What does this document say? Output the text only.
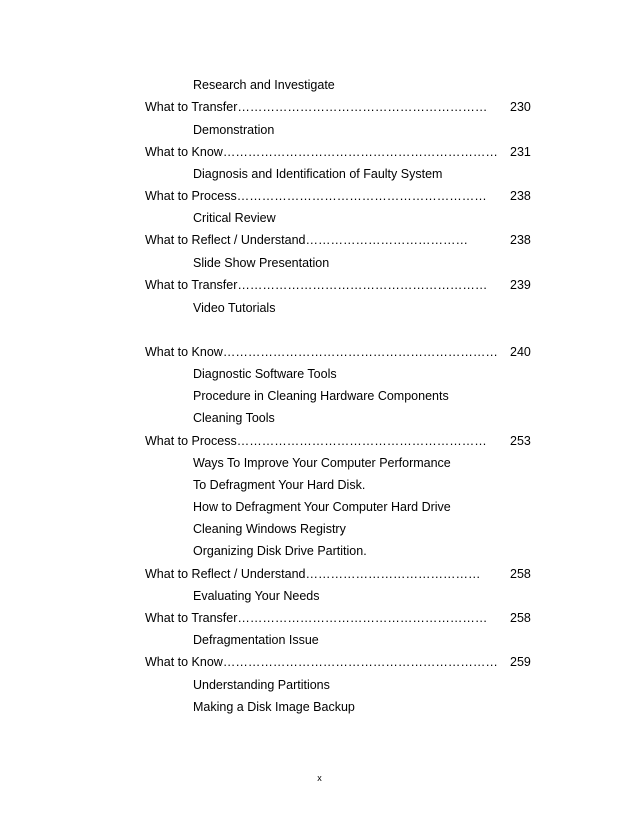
Research and Investigate
What to Transfer…………………………………………………… 230
Demonstration
What to Know………………………………………………………… 231
Diagnosis and Identification of Faulty System
What to Process…………………………………………………… 238
Critical Review
What to Reflect / Understand…………………………………	238
Slide Show Presentation
What to Transfer…………………………………………………… 239
Video Tutorials
What to Know………………………………………………………… 240
Diagnostic Software Tools
Procedure in Cleaning Hardware Components
Cleaning Tools
What to Process…………………………………………………… 253
Ways To Improve Your Computer Performance
To Defragment Your Hard Disk.
How to Defragment Your Computer Hard Drive
Cleaning Windows Registry
Organizing Disk Drive Partition.
What to Reflect / Understand…………………………………… 258
Evaluating Your Needs
What to Transfer…………………………………………………… 258
Defragmentation Issue
What to Know………………………………………………………… 259
Understanding Partitions
Making a Disk Image Backup
x
